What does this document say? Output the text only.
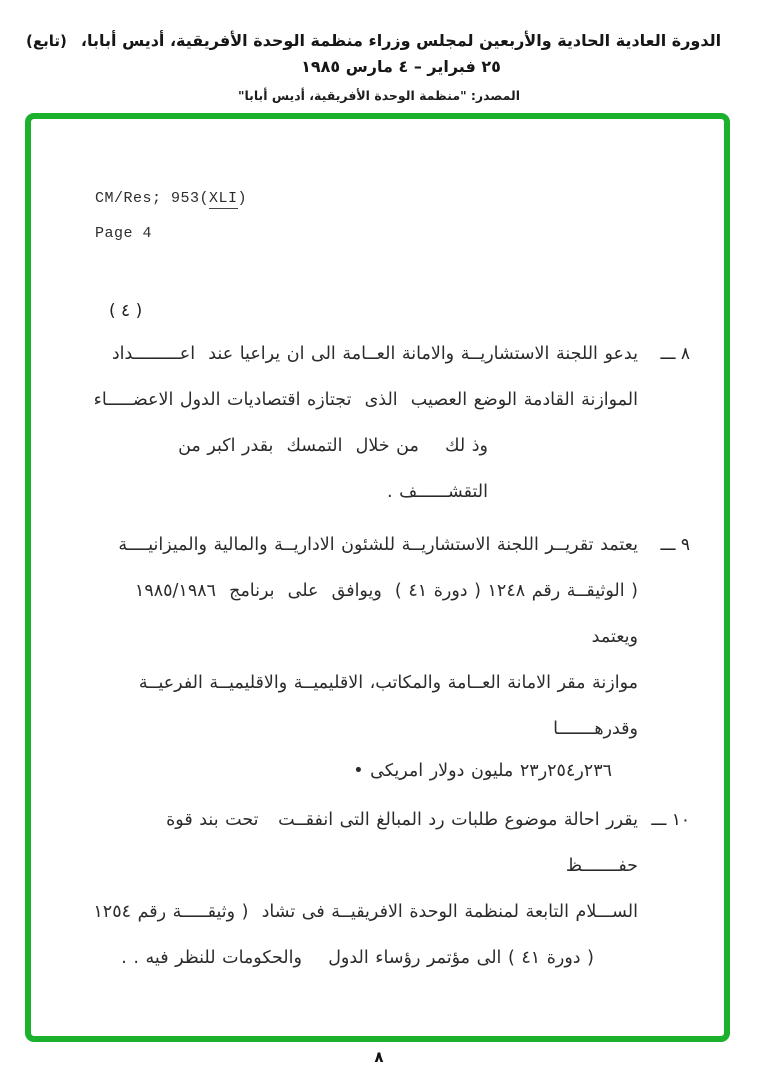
(تابع) الدورة العادية الحادية والأربعين لمجلس وزراء منظمة الوحدة الأفريقية، أديس أبابا، ٢٥ فبراير – ٤ مارس ١٩٨٥
المصدر: "منظمة الوحدة الأفريقية، أديس أبابا"
CM/Res; 953(XLI)
Page 4
( ٤ )
٨ ـــ
يدعو اللجنة الاستشاريــة والامانة العــامة الى ان يراعيا عند  اعـــــــــداد
الموازنة القادمة الوضع العصيب  الذى  تجتازه اقتصاديات الدول الاعضـــــاء
وذ لك    من خلال  التمسك  بقدر اكبر من التقشــــــف .
٩ ـــ
يعتمد تقريــر اللجنة الاستشاريــة للشئون الاداريــة والمالية والميزانيــــة
( الوثيقــة رقم ١٢٤٨ ( دورة ٤١ )  ويوافق  على  برنامج  ١٩٨٥/١٩٨٦ ويعتمد
موازنة مقر الامانة العــامة والمكاتب، الاقليميــة والاقليميــة الفرعيــة وقدرهـــــــا
٢٣٦ر٢٥٤ر٢٣ مليون دولار امريكى •
١٠ ـــ
يقرر احالة موضوع طلبات رد المبالغ التى انفقــت   تحت بند قوة حفـــــــظ
الســـلام التابعة لمنظمة الوحدة الافريقيــة فى تشاد  ( وثيقـــــة رقم ١٢٥٤
( دورة ٤١ ) الى مؤتمر رؤساء الدول    والحكومات للنظر فيه . .
٨
